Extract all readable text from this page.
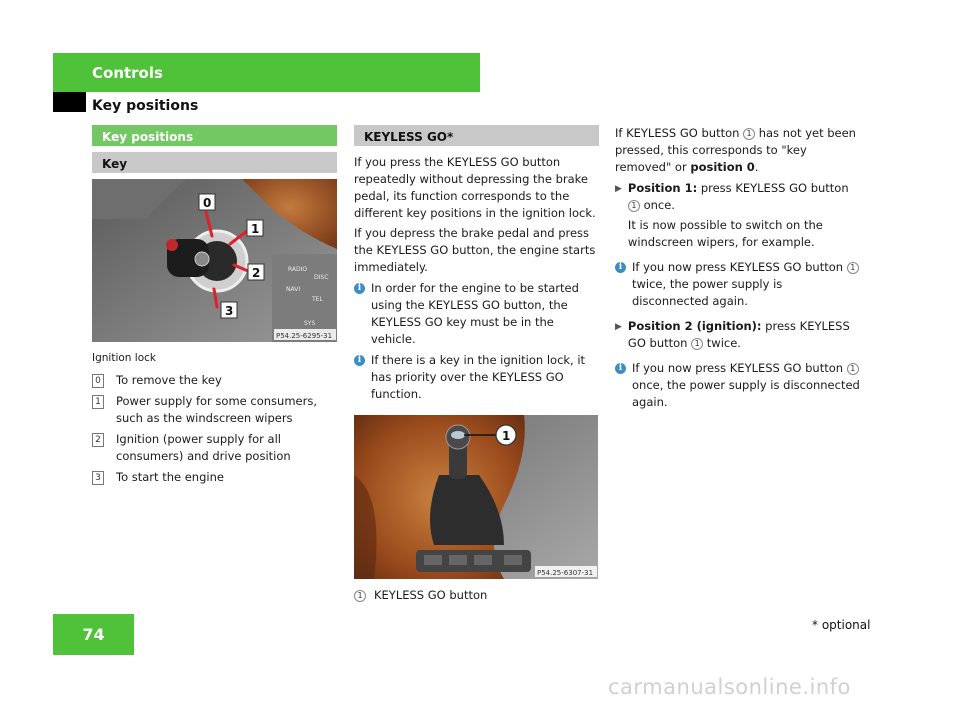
Controls
Key positions
Key positions
Key
RADIO
DISC
NAVI
TEL
SYS
0
1
2
3
P54.25-6295-31
Ignition lock
0 To remove the key
1 Power supply for some consumers, such as the windscreen wipers
2 Ignition (power supply for all consumers) and drive position
3 To start the engine
KEYLESS GO*

If you press the KEYLESS GO button repeatedly without depressing the brake pedal, its function corresponds to the different key positions in the ignition lock.

If you depress the brake pedal and press the KEYLESS GO button, the engine starts immediately.

i In order for the engine to be started using the KEYLESS GO button, the KEYLESS GO key must be in the vehicle.
i If there is a key in the ignition lock, it has priority over the KEYLESS GO function.
1
P54.25-6307-31
1 KEYLESS GO button

If KEYLESS GO button 1 has not yet been pressed, this corresponds to "key removed" or position 0.

▶ Position 1: press KEYLESS GO button 1 once.
It is now possible to switch on the windscreen wipers, for example.
i If you now press KEYLESS GO button 1 twice, the power supply is disconnected again.
▶ Position 2 (ignition): press KEYLESS GO button 1 twice.
i If you now press KEYLESS GO button 1 once, the power supply is disconnected again.
74	* optional
carmanualsonline.info
